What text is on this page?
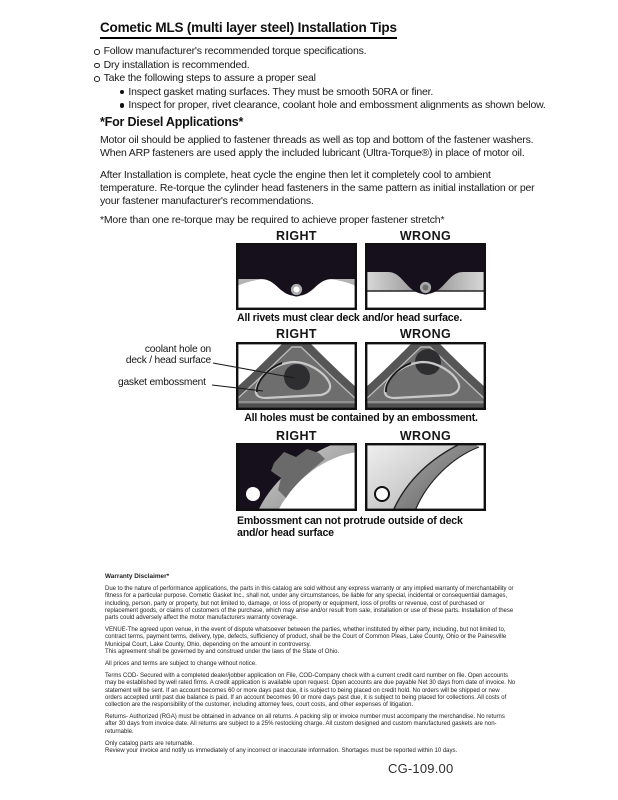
Cometic MLS (multi layer steel) Installation Tips
Follow manufacturer's recommended torque specifications.
Dry installation is recommended.
Take the following steps to assure a proper seal
Inspect gasket mating surfaces. They must be smooth 50RA or finer.
Inspect for proper, rivet clearance, coolant hole and embossment alignments as shown below.
*For Diesel Applications*
Motor oil should be applied to fastener threads as well as top and bottom of the fastener washers. When ARP fasteners are used apply the included lubricant (Ultra-Torque®) in place of motor oil.
After Installation is complete, heat cycle the engine then let it completely cool to ambient temperature. Re-torque the cylinder head fasteners in the same pattern as initial installation or per your fastener manufacturer's recommendations.
*More than one re-torque may be required to achieve proper fastener stretch*
RIGHT	WRONG
All rivets must clear deck and/or head surface.
RIGHT	WRONG
coolant hole on
deck / head surface
gasket embossment
All holes must be contained by an embossment.
RIGHT	WRONG
Embossment can not protrude outside of deck
and/or head surface

Warranty Disclaimer*

Due to the nature of performance applications, the parts in this catalog are sold without any express warranty or any implied warranty of merchantability or fitness for a particular purpose. Cometic Gasket Inc., shall not, under any circumstances, be liable for any special, incidental or consequential damages, including, person, party or property, but not limited to, damage, or loss of property or equipment, loss of profits or revenue, cost of purchased or replacement goods, or claims of customers of the purchase, which may arise and/or result from sale, installation or use of these parts. Installation of these parts could adversely affect the motor manufacturers warranty coverage.

VENUE-The agreed upon venue, in the event of dispute whatsoever between the parties, whether instituted by either party, including, but not limited to, contract terms, payment terms, delivery, type, defects, sufficiency of product, shall be the Court of Common Pleas, Lake County, Ohio or the Painesville Municipal Court, Lake County, Ohio, depending on the amount in controversy.

This agreement shall be governed by and construed under the laws of the State of Ohio.

All prices and terms are subject to change without notice.

Terms COD- Secured with a completed dealer/jobber application on File, COD-Company check with a current credit card number on file. Open accounts may be established by well rated firms. A credit application is available upon request. Open accounts are due payable Net 30 days from date of invoice. No statement will be sent. If an account becomes 60 or more days past due, it is subject to being placed on credit hold. No orders will be shipped or new orders accepted until past due balance is paid. If an account becomes 90 or more days past due, it is subject to being placed for collections. All costs of collection are the responsibility of the customer, including attorney fees, court costs, and other expenses of litigation.

Returns- Authorized (RGA) must be obtained in advance on all returns. A packing slip or invoice number must accompany the merchandise. No returns after 30 days from invoice date. All returns are subject to a 25% restocking charge. All custom designed and custom manufactured gaskets are non-returnable.

Only catalog parts are returnable.

Review your invoice and notify us immediately of any incorrect or inaccurate information. Shortages must be reported within 10 days.

CG-109.00
